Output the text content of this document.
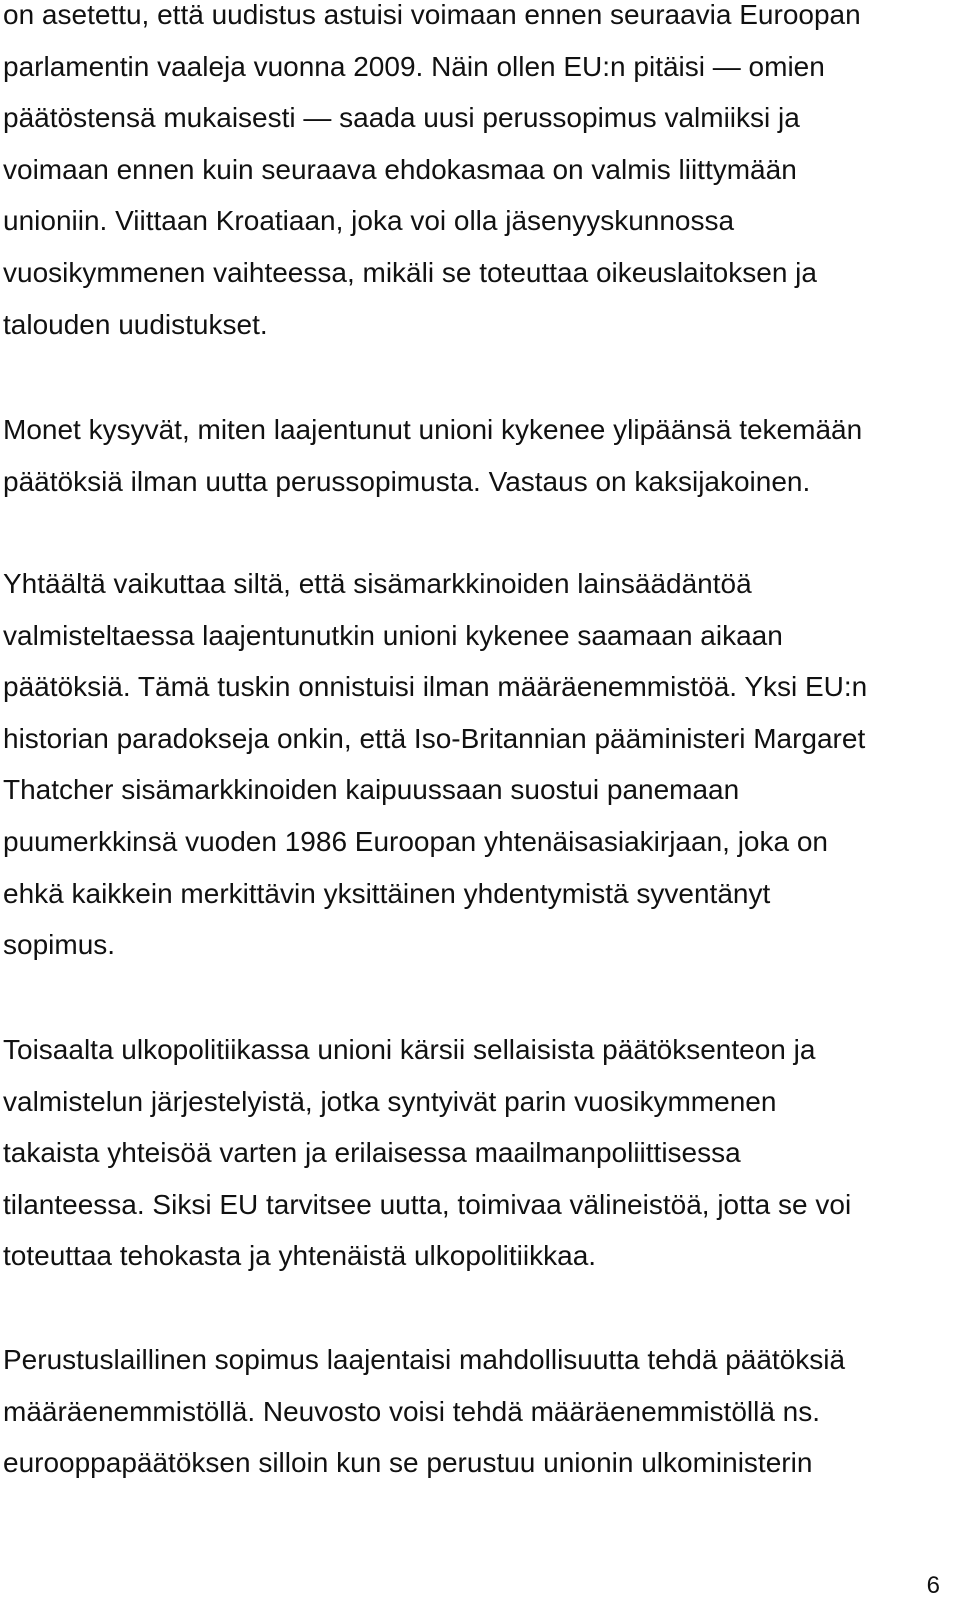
on asetettu, että uudistus astuisi voimaan ennen seuraavia Euroopan
parlamentin vaaleja vuonna 2009. Näin ollen EU:n pitäisi — omien
päätöstensä mukaisesti — saada uusi perussopimus valmiiksi ja
voimaan ennen kuin seuraava ehdokasmaa on valmis liittymään
unioniin. Viittaan Kroatiaan, joka voi olla jäsenyyskunnossa
vuosikymmenen vaihteessa, mikäli se toteuttaa oikeuslaitoksen ja
talouden uudistukset.

Monet kysyvät, miten laajentunut unioni kykenee ylipäänsä tekemään
päätöksiä ilman uutta perussopimusta. Vastaus on kaksijakoinen.

Yhtäältä vaikuttaa siltä, että sisämarkkinoiden lainsäädäntöä
valmisteltaessa laajentunutkin unioni kykenee saamaan aikaan
päätöksiä. Tämä tuskin onnistuisi ilman määräenemmistöä. Yksi EU:n
historian paradokseja onkin, että Iso-Britannian pääministeri Margaret
Thatcher sisämarkkinoiden kaipuussaan suostui panemaan
puumerkkinsä vuoden 1986 Euroopan yhtenäisasiakirjaan, joka on
ehkä kaikkein merkittävin yksittäinen yhdentymistä syventänyt
sopimus.

Toisaalta ulkopolitiikassa unioni kärsii sellaisista päätöksenteon ja
valmistelun järjestelyistä, jotka syntyivät parin vuosikymmenen
takaista yhteisöä varten ja erilaisessa maailmanpoliittisessa
tilanteessa. Siksi EU tarvitsee uutta, toimivaa välineistöä, jotta se voi
toteuttaa tehokasta ja yhtenäistä ulkopolitiikkaa.

Perustuslaillinen sopimus laajentaisi mahdollisuutta tehdä päätöksiä
määräenemmistöllä. Neuvosto voisi tehdä määräenemmistöllä ns.
eurooppapäätöksen silloin kun se perustuu unionin ulkoministerin

6
